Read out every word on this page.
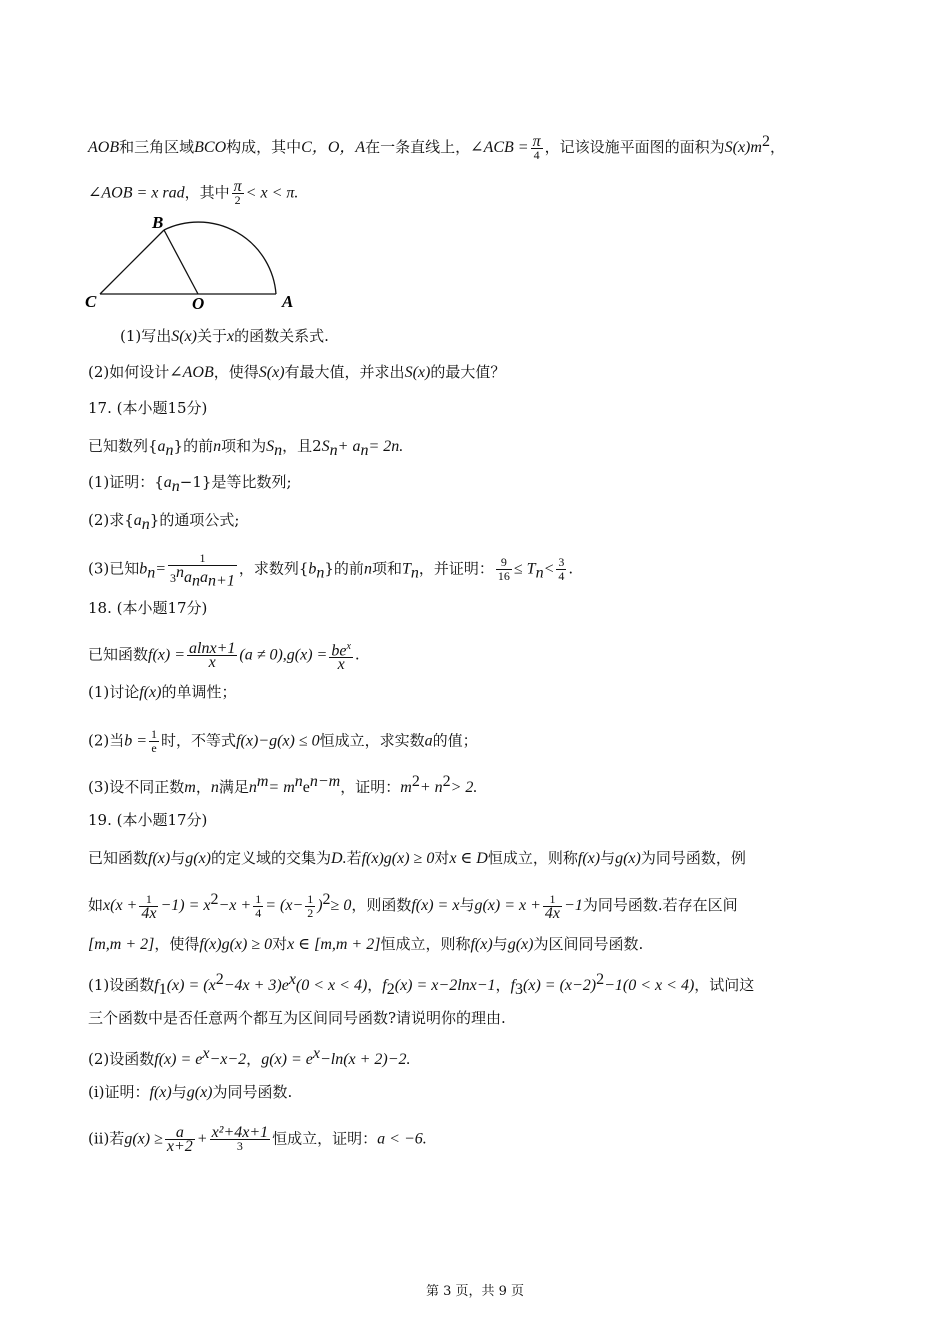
AOB和三角区域BCO构成，其中C，O，A在一条直线上，∠ACB = $\frac{\pi}{4}$ ，记该设施平面图的面积为$S(x)m^2$，
∠AOB = x rad，其中 $\frac{\pi}{2} < x < \pi$.
B
C	O	A
(1)写出S(x)关于x的函数关系式.
(2)如何设计∠AOB，使得S(x)有最大值，并求出S(x)的最大值？
17. (本小题15分)
已知数列$\{a_n\}$的前n项和为$S_n$，且$2S_n+ a_n= 2n$.
(1)证明：$\{a_n-1\}$是等比数列;
(2)求$\{a_n\}$的通项公式;
(3)已知$b_n= \frac{1}{3^na_na_{n+1}}$ ，求数列$\{b_n\}$的前n项和$T_n$，并证明： $\frac{9}{16} \le T_n< \frac{3}{4}$ .
18. (本小题17分)
已知函数$f(x) = \frac{alnx+1}{x} (a \ne 0),g(x) = \frac{be^x}{x}$ .
(1)讨论f(x)的单调性；
(2)当$b = \frac{1}{e}$ 时，不等式f(x)−g(x) ≤ 0恒成立，求实数a的值；
(3)设不同正数m，n满足$n^m= m^ne^{n-m}$，证明：$m^2+ n^2> 2$.
19. (本小题17分)
已知函数f(x)与g(x)的定义域的交集为D.若f(x)g(x) ≥ 0对x ∈ D恒成立，则称f(x)与g(x)为同号函数，例
如$x(x + \frac{1}{4x} -1) = x^2-x + \frac{1}{4} = (x- \frac{1}{2} )^2\ge 0$，则函数f(x) = x与$g(x) = x + \frac{1}{4x} -1$为同号函数.若存在区间
[m,m + 2]，使得f(x)g(x) ≥ 0对x ∈ [m,m + 2]恒成立，则称f(x)与g(x)为区间同号函数.
(1)设函数$f_1(x) = (x^2-4x + 3)e^x(0 < x < 4)$，$f_2(x) = x-2\ln x-1$，$f_3(x) = (x-2)^2-1(0 < x < 4)$，试问这
三个函数中是否任意两个都互为区间同号函数?请说明你的理由.
(2)设函数$f(x) = e^x-x-2$，$g(x) = e^x-\ln(x + 2)-2$.
(i)证明：f(x)与g(x)为同号函数.
(ii)若$g(x) \ge \frac{a}{x+2} + \frac{\text{x²+4x+1}}{3}$ 恒成立，证明：a < −6.
第 3 页，共 9 页
